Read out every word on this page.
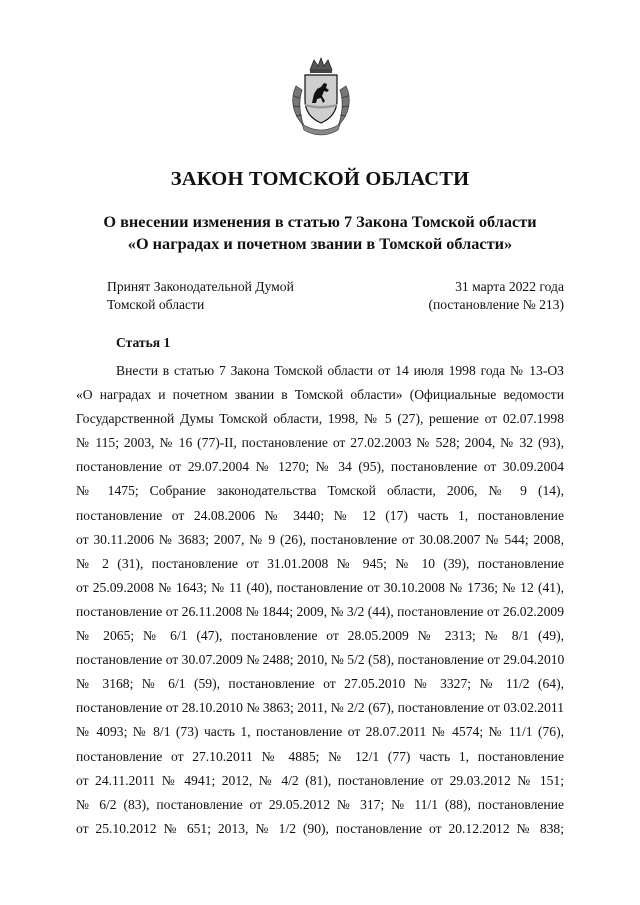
ЗАКОН ТОМСКОЙ ОБЛАСТИ
О внесении изменения в статью 7 Закона Томской области
«О наградах и почетном звании в Томской области»
Принят Законодательной Думой
Томской области
31 марта 2022 года
(постановление № 213)
Статья 1
Внести в статью 7 Закона Томской области от 14 июля 1998 года № 13-ОЗ
«О наградах и почетном звании в Томской области» (Официальные ведомости
Государственной Думы Томской области, 1998, № 5 (27), решение от 02.07.1998
№ 115; 2003, № 16 (77)-II, постановление от 27.02.2003 № 528; 2004, № 32 (93),
постановление от 29.07.2004 № 1270; № 34 (95), постановление от 30.09.2004
№ 1475; Собрание законодательства Томской области, 2006, № 9 (14),
постановление от 24.08.2006 № 3440; № 12 (17) часть 1, постановление
от 30.11.2006 № 3683; 2007, № 9 (26), постановление от 30.08.2007 № 544; 2008,
№ 2 (31), постановление от 31.01.2008 № 945; № 10 (39), постановление
от 25.09.2008 № 1643; № 11 (40), постановление от 30.10.2008 № 1736; № 12 (41),
постановление от 26.11.2008 № 1844; 2009, № 3/2 (44), постановление от 26.02.2009
№ 2065; № 6/1 (47), постановление от 28.05.2009 № 2313; № 8/1 (49),
постановление от 30.07.2009 № 2488; 2010, № 5/2 (58), постановление от 29.04.2010
№ 3168; № 6/1 (59), постановление от 27.05.2010 № 3327; № 11/2 (64),
постановление от 28.10.2010 № 3863; 2011, № 2/2 (67), постановление от 03.02.2011
№ 4093; № 8/1 (73) часть 1, постановление от 28.07.2011 № 4574; № 11/1 (76),
постановление от 27.10.2011 № 4885; № 12/1 (77) часть 1, постановление
от 24.11.2011 № 4941; 2012, № 4/2 (81), постановление от 29.03.2012 № 151;
№ 6/2 (83), постановление от 29.05.2012 № 317; № 11/1 (88), постановление
от 25.10.2012 № 651; 2013, № 1/2 (90), постановление от 20.12.2012 № 838;
